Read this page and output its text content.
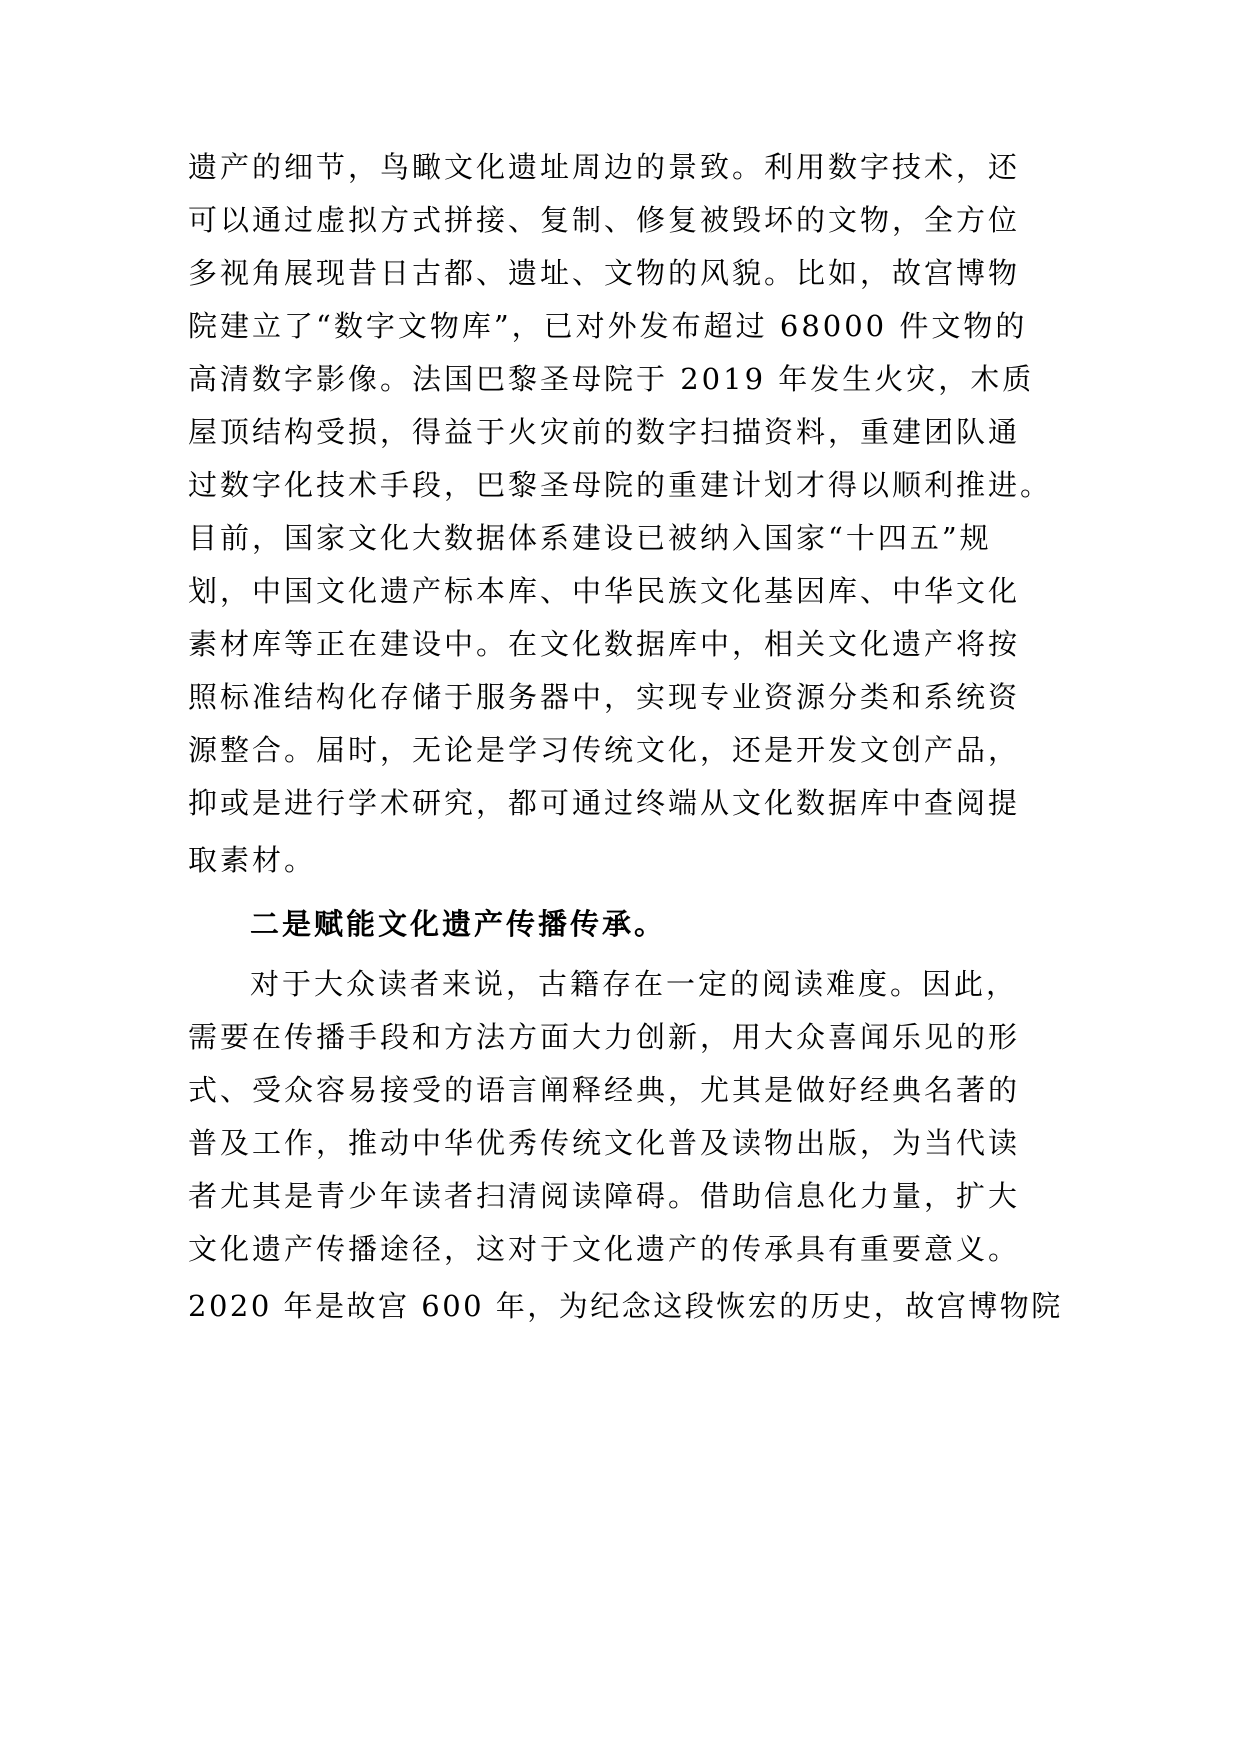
遗产的细节，鸟瞰文化遗址周边的景致。利用数字技术，还
可以通过虚拟方式拼接、复制、修复被毁坏的文物，全方位
多视角展现昔日古都、遗址、文物的风貌。比如，故宫博物
院建立了“数字文物库”，已对外发布超过 68000 件文物的
高清数字影像。法国巴黎圣母院于 2019 年发生火灾，木质
屋顶结构受损，得益于火灾前的数字扫描资料，重建团队通
过数字化技术手段，巴黎圣母院的重建计划才得以顺利推进。
目前，国家文化大数据体系建设已被纳入国家“十四五”规
划，中国文化遗产标本库、中华民族文化基因库、中华文化
素材库等正在建设中。在文化数据库中，相关文化遗产将按
照标准结构化存储于服务器中，实现专业资源分类和系统资
源整合。届时，无论是学习传统文化，还是开发文创产品，
抑或是进行学术研究，都可通过终端从文化数据库中查阅提
取素材。
二是赋能文化遗产传播传承。
对于大众读者来说，古籍存在一定的阅读难度。因此，
需要在传播手段和方法方面大力创新，用大众喜闻乐见的形
式、受众容易接受的语言阐释经典，尤其是做好经典名著的
普及工作，推动中华优秀传统文化普及读物出版，为当代读
者尤其是青少年读者扫清阅读障碍。借助信息化力量，扩大
文化遗产传播途径，这对于文化遗产的传承具有重要意义。
2020 年是故宫 600 年，为纪念这段恢宏的历史，故宫博物院
